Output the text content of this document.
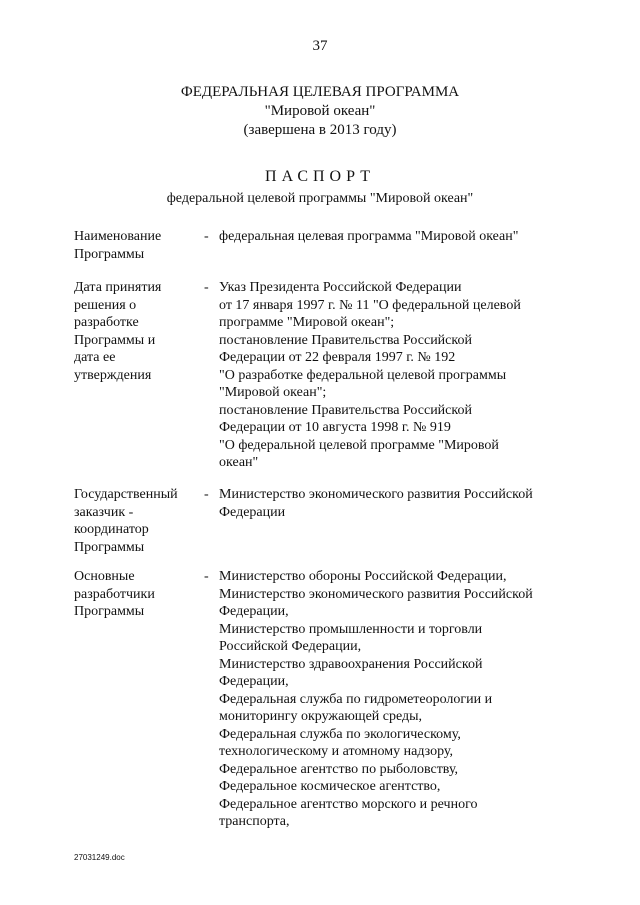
37
ФЕДЕРАЛЬНАЯ ЦЕЛЕВАЯ ПРОГРАММА
"Мировой океан"
(завершена в 2013 году)
ПАСПОРТ
федеральной целевой программы "Мировой океан"
Наименование
Программы
- федеральная целевая программа "Мировой океан"
Дата принятия
решения о
разработке
Программы и
дата ее
утверждения
- Указ Президента Российской Федерации
от 17 января 1997 г. № 11 "О федеральной целевой
программе "Мировой океан";
постановление Правительства Российской
Федерации от 22 февраля 1997 г. № 192
"О разработке федеральной целевой программы
"Мировой океан";
постановление Правительства Российской
Федерации от 10 августа 1998 г. № 919
"О федеральной целевой программе "Мировой
океан"
Государственный
заказчик -
координатор
Программы
- Министерство экономического развития Российской
Федерации
Основные
разработчики
Программы
- Министерство обороны Российской Федерации,
Министерство экономического развития Российской
Федерации,
Министерство промышленности и торговли
Российской Федерации,
Министерство здравоохранения Российской
Федерации,
Федеральная служба по гидрометеорологии и
мониторингу окружающей среды,
Федеральная служба по экологическому,
технологическому и атомному надзору,
Федеральное агентство по рыболовству,
Федеральное космическое агентство,
Федеральное агентство морского и речного
транспорта,
27031249.doc
